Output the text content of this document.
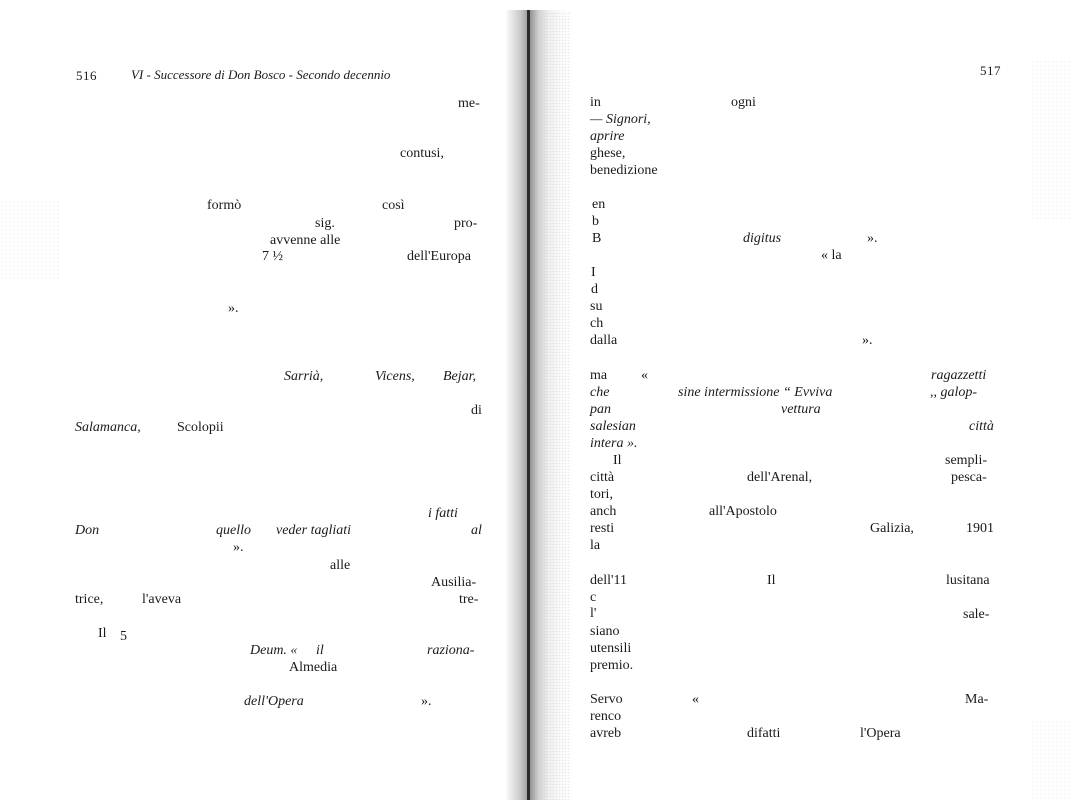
516	VI - Successore di Don Bosco - Secondo decennio
me-
contusi,
formò	così
sig.	pro-
avvenne alle
7 ½	dell'Europa
».
Sarrià,	Vicens, Bejar,
di
Salamanca,	Scolopii
i fatti
Don	quello veder tagliati	al
».
alle
Ausilia-
trice,	l'aveva	tre-
Il 5
Deum. « il	raziona-
Almedia
dell'Opera	».
517
in	ogni
— Signori,
aprire
ghese,
benedizione
en
b
B	digitus	».
« la
I
d
su
ch
dalla	».
ma «	ragazzetti
che	sine intermissione “ Evviva	,, galop-
pan	vettura
salesian	città
intera ».
Il	sempli-
città	dell'Arenal,	pesca-
tori,
anch	all'Apostolo
resti	Galizia,	1901
la
dell'11	Il	lusitana
c
l'	sale-
siano
utensili
premio.
Servo	«	Ma-
renco
avreb	difatti	l'Opera
